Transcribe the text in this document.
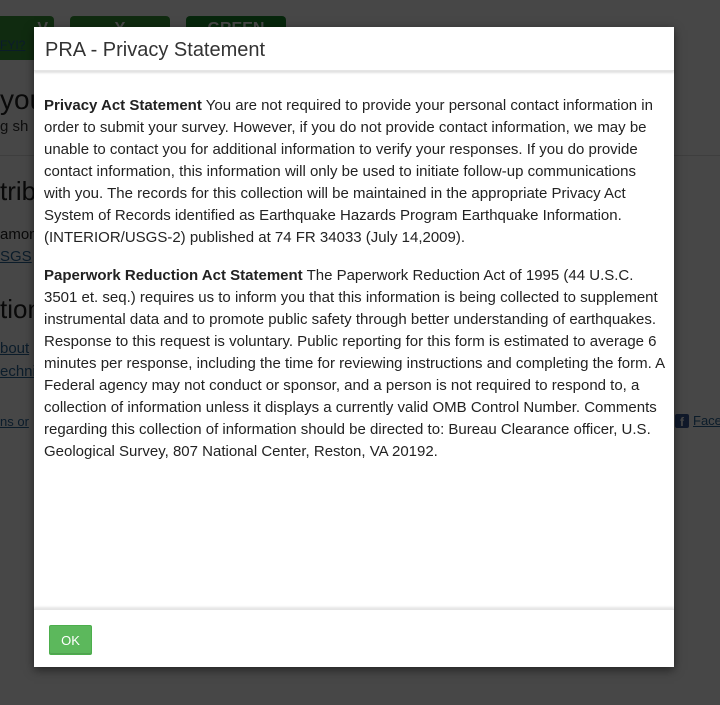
PRA - Privacy Statement

Privacy Act Statement You are not required to provide your personal contact information in order to submit your survey. However, if you do not provide contact information, we may be unable to contact you for additional information to verify your responses. If you do provide contact information, this information will only be used to initiate follow-up communications with you. The records for this collection will be maintained in the appropriate Privacy Act System of Records identified as Earthquake Hazards Program Earthquake Information. (INTERIOR/USGS-2) published at 74 FR 34033 (July 14,2009).

Paperwork Reduction Act Statement The Paperwork Reduction Act of 1995 (44 U.S.C. 3501 et. seq.) requires us to inform you that this information is being collected to supplement instrumental data and to promote public safety through better understanding of earthquakes. Response to this request is voluntary. Public reporting for this form is estimated to average 6 minutes per response, including the time for reviewing instructions and completing the form. A Federal agency may not conduct or sponsor, and a person is not required to respond to, a collection of information unless it displays a currently valid OMB Control Number. Comments regarding this collection of information should be directed to: Bureau Clearance officer, U.S. Geological Survey, 807 National Center, Reston, VA 20192.

OK
